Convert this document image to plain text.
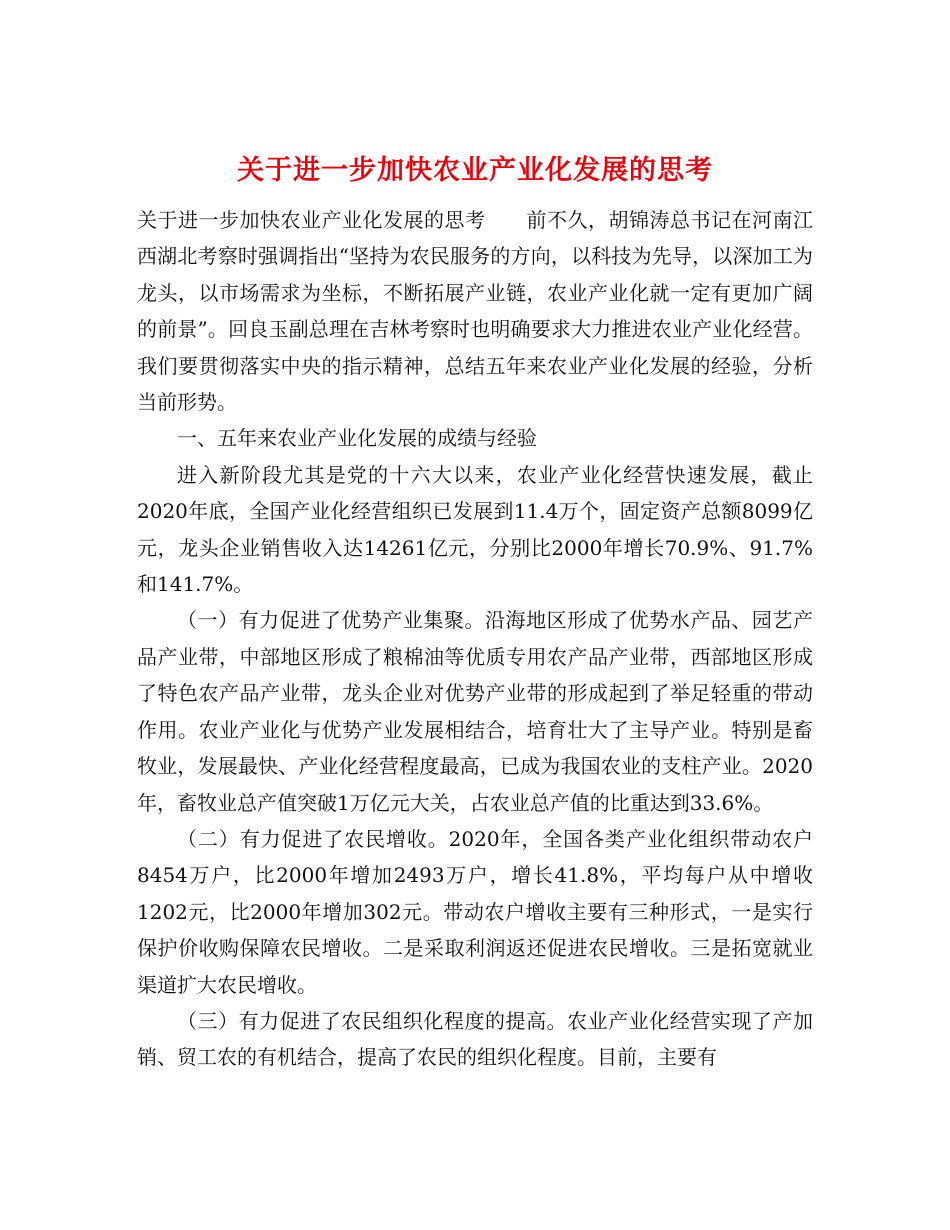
关于进一步加快农业产业化发展的思考

关于进一步加快农业产业化发展的思考　　前不久，胡锦涛总书记在河南江西湖北考察时强调指出“坚持为农民服务的方向，以科技为先导，以深加工为龙头，以市场需求为坐标，不断拓展产业链，农业产业化就一定有更加广阔的前景”。回良玉副总理在吉林考察时也明确要求大力推进农业产业化经营。我们要贯彻落实中央的指示精神，总结五年来农业产业化发展的经验，分析当前形势。

一、五年来农业产业化发展的成绩与经验

进入新阶段尤其是党的十六大以来，农业产业化经营快速发展，截止2020年底，全国产业化经营组织已发展到11.4万个，固定资产总额8099亿元，龙头企业销售收入达14261亿元，分别比2000年增长70.9%、91.7%和141.7%。

（一）有力促进了优势产业集聚。沿海地区形成了优势水产品、园艺产品产业带，中部地区形成了粮棉油等优质专用农产品产业带，西部地区形成了特色农产品产业带，龙头企业对优势产业带的形成起到了举足轻重的带动作用。农业产业化与优势产业发展相结合，培育壮大了主导产业。特别是畜牧业，发展最快、产业化经营程度最高，已成为我国农业的支柱产业。2020年，畜牧业总产值突破1万亿元大关，占农业总产值的比重达到33.6%。

（二）有力促进了农民增收。2020年，全国各类产业化组织带动农户8454万户，比2000年增加2493万户，增长41.8%，平均每户从中增收1202元，比2000年增加302元。带动农户增收主要有三种形式，一是实行保护价收购保障农民增收。二是采取利润返还促进农民增收。三是拓宽就业渠道扩大农民增收。

（三）有力促进了农民组织化程度的提高。农业产业化经营实现了产加销、贸工农的有机结合，提高了农民的组织化程度。目前，主要有
